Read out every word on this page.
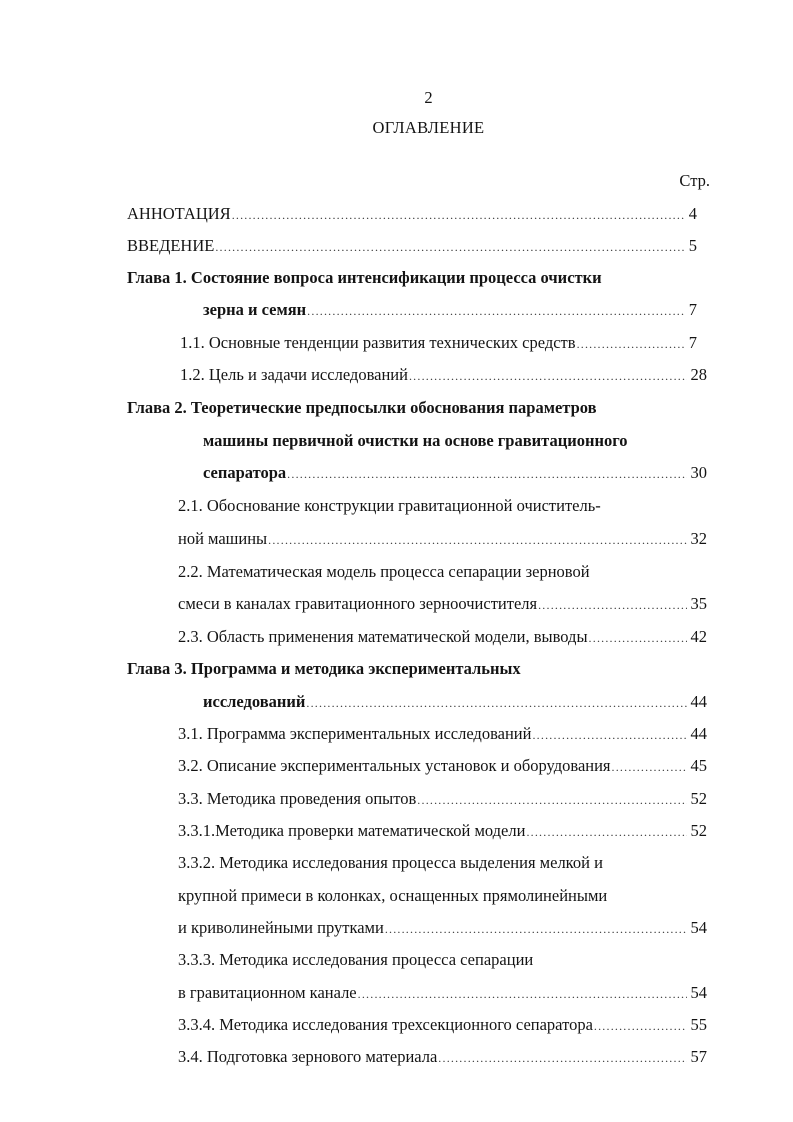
2
ОГЛАВЛЕНИЕ
Стр.
АННОТАЦИЯ .....	4
ВВЕДЕНИЕ .....	5
Глава 1. Состояние вопроса интенсификации процесса очистки
зерна и семян .....	7
1.1. Основные тенденции развития технических средств .....	7
1.2. Цель и задачи исследований .....	28
Глава 2. Теоретические предпосылки обоснования параметров
машины первичной очистки на основе гравитационного
сепаратора .....	30
2.1. Обоснование конструкции гравитационной очиститель-
ной машины .....	32
2.2. Математическая модель процесса сепарации зерновой
смеси в каналах гравитационного зерноочистителя .....	35
2.3. Область применения математической модели, выводы .....	42
Глава 3. Программа и методика экспериментальных
исследований .....	44
3.1. Программа экспериментальных исследований .....	44
3.2. Описание экспериментальных установок и оборудования .....	45
3.3. Методика проведения опытов .....	52
3.3.1.Методика проверки математической модели .....	52
3.3.2. Методика исследования процесса выделения мелкой и
крупной примеси в колонках, оснащенных прямолинейными
и криволинейными прутками .....	54
3.3.3. Методика исследования процесса сепарации
в гравитационном канале .....	54
3.3.4. Методика исследования трехсекционного сепаратора .....	55
3.4. Подготовка зернового материала .....	57
